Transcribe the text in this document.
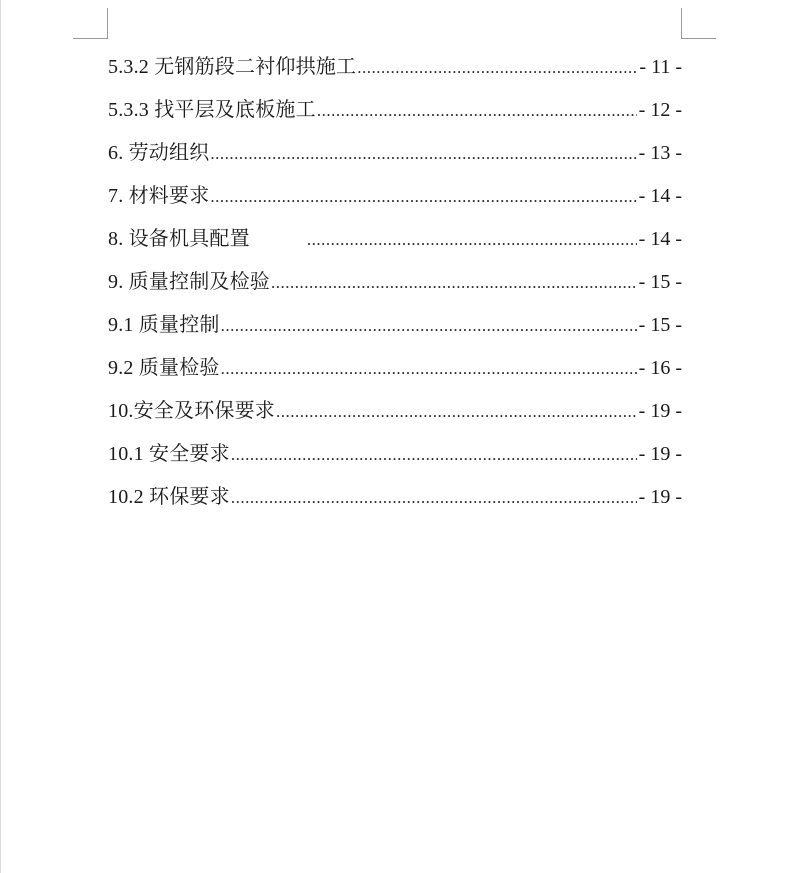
5.3.2 无钢筋段二衬仰拱施工 .....	- 11 -
5.3.3 找平层及底板施工 .....	- 12 -
6. 劳动组织 .....	- 13 -
7. 材料要求 .....	- 14 -
8. 设备机具配置 .....	- 14 -
9. 质量控制及检验 .....	- 15 -
9.1 质量控制 .....	- 15 -
9.2 质量检验 .....	- 16 -
10.安全及环保要求 .....	- 19 -
10.1 安全要求 .....	- 19 -
10.2 环保要求 .....	- 19 -
